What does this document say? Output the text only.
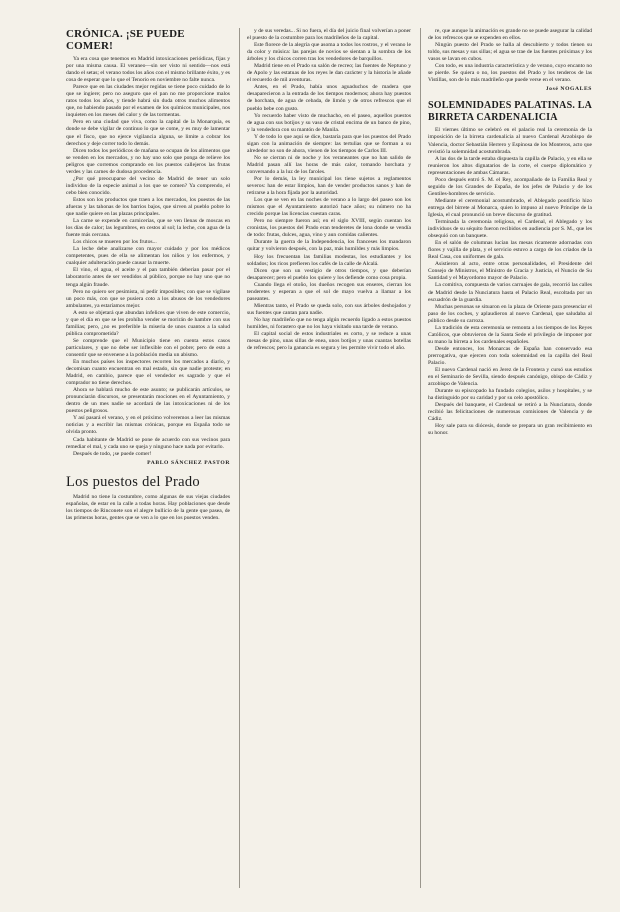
CRÓNICA. ¡SE PUEDE COMER!

Ya era cosa que tenemos en Madrid intoxicaciones periódicas, fijas y por una misma causa. El veraneo—sin ser visto ni sentido—nos está dando el setas; el verano todos los años con el mismo brillante éxito, y es cosa de esperar que lo que el Tenorio en noviembre no falte nunca.

Parece que en las ciudades mejor regidas se tiene poco cuidado de lo que se ingiere; pero no aseguro que el pan no me proporcione malos ratos todos los años, y tiende habrá sin duda otros muchos alimentos que, no habiendo pasado por el examen de los químicos municipales, nos inquieten en los meses del calor y de las tormentas.

Pero en una ciudad que viva, como la capital de la Monarquía, es donde se debe vigilar de continuo lo que se come, y es muy de lamentar que el fisco, que no ejerce vigilancia alguna, se limite a cobrar los derechos y deje correr todo lo demás.

Dicen todos los periódicos de mañana se ocupan de los alimentos que se venden en los mercados, y no hay uno solo que ponga de relieve los peligros que corremos comprando en los puestos callejeros las frutas verdes y las carnes de dudosa procedencia.

¿Por qué preocuparse del vecino de Madrid de tener un solo individuo de la especie animal a los que se comen? Ya comprendo, el cebo bien conocido.

Estos son los productos que traen a los mercados, los puestos de las afueras y las tahonas de los barrios bajos, que sirven al pueblo pobre lo que nadie quiere en las plazas principales.

La carne se expende en carnicerías, que se ven llenas de moscas en los días de calor; las legumbres, en cestos al sol; la leche, con agua de la fuente más cercana.

Los chicos se mueren por los frutos...

La leche debe analizarse con mayor cuidado y por los médicos competentes, pues de ella se alimentan los niños y los enfermos, y cualquier adulteración puede causar la muerte.

El vino, el agua, el aceite y el pan también deberían pasar por el laboratorio antes de ser vendidos al público, porque no hay uno que no tenga algún fraude.

Pero no quiero ser pesimista, ni pedir imposibles; con que se vigilase un poco más, con que se pusiera coto a los abusos de los vendedores ambulantes, ya estaríamos mejor.

A esto se objetará que abundan infelices que viven de este comercio, y que el día en que se les prohíba vender se morirán de hambre con sus familias; pero, ¿no es preferible la miseria de unos cuantos a la salud pública comprometida?

Se comprende que el Municipio tiene en cuenta estos casos particulares, y que no debe ser inflexible con el pobre; pero de esto a consentir que se envenene a la población media un abismo.

En muchos países los inspectores recorren los mercados a diario, y decomisan cuanto encuentran en mal estado, sin que nadie proteste; en Madrid, en cambio, parece que el vendedor es sagrado y que el comprador no tiene derechos.

Ahora se hablará mucho de este asunto; se publicarán artículos, se pronunciarán discursos, se presentarán mociones en el Ayuntamiento, y dentro de un mes nadie se acordará de las intoxicaciones ni de los puestos peligrosos.

Y así pasará el verano, y en el próximo volveremos a leer las mismas noticias y a escribir las mismas crónicas, porque en España todo se olvida pronto.

Cada habitante de Madrid se pone de acuerdo con sus vecinos para remediar el mal, y cada uno se queja y ninguno hace nada por evitarlo.

Después de todo, ¡se puede comer!

PABLO SÁNCHEZ PASTOR
Los puestos del Prado

Madrid no tiene la costumbre, como algunas de sus viejas ciudades españolas, de estar en la calle a todas horas. Hay poblaciones que desde los tiempos de Rinconete son el alegre bullicio de la gente que pasea, de las primeras horas, gentes que se ven a lo que en los puestos venden.

y de sus veredas... Si no fuera, el día del juicio final volverían a poner el puesto de la costumbre para los madrileños de la capital.

Este florece de la alegría que asoma a todos los rostros, y el verano le da color y música: las parejas de novios se sientan a la sombra de los árboles y los chicos corren tras los vendedores de barquillos.

Madrid tiene en el Prado su salón de recreo; las fuentes de Neptuno y de Apolo y las estatuas de los reyes le dan carácter y la historia le añade el recuerdo de mil aventuras.

Antes, en el Prado, había unos aguaduchos de madera que desaparecieron a la entrada de los tiempos modernos; ahora hay puestos de horchata, de agua de cebada, de limón y de otros refrescos que el pueblo bebe con gusto.

Yo recuerdo haber visto de muchacho, en el paseo, aquellos puestos de agua con sus botijos y su vaso de cristal encima de un banco de pino, y la vendedora con su mantón de Manila.

Y de todo lo que aquí se dice, bastaría para que los puestos del Prado sigan con la animación de siempre: las tertulias que se forman a su alrededor no son de ahora, vienen de los tiempos de Carlos III.

No se cierran ni de noche y los veraneantes que no han salido de Madrid pasan allí las horas de más calor, tomando horchata y conversando a la luz de los faroles.

Por lo demás, la ley municipal los tiene sujetos a reglamentos severos: han de estar limpios, han de vender productos sanos y han de retirarse a la hora fijada por la autoridad.

Los que se ven en las noches de verano a lo largo del paseo son los mismos que el Ayuntamiento autorizó hace años; su número no ha crecido porque las licencias cuestan caras.

Pero no siempre fueron así; en el siglo XVIII, según cuentan los cronistas, los puestos del Prado eran tenderetes de lona donde se vendía de todo: frutas, dulces, agua, vino y aun comidas calientes.

Durante la guerra de la Independencia, los franceses los mandaron quitar y volvieron después, con la paz, más humildes y más limpios.

Hoy los frecuentan las familias modestas, los estudiantes y los soldados; los ricos prefieren los cafés de la calle de Alcalá.

Dicen que son un vestigio de otros tiempos, y que deberían desaparecer; pero el pueblo los quiere y los defiende como cosa propia.

Cuando llega el otoño, los dueños recogen sus enseres, cierran los tenderetes y esperan a que el sol de mayo vuelva a llamar a los paseantes.

Mientras tanto, el Prado se queda solo, con sus árboles deshojados y sus fuentes que cantan para nadie.

No hay madrileño que no tenga algún recuerdo ligado a estos puestos humildes, ni forastero que no los haya visitado una tarde de verano.

El capital social de estos industriales es corto, y se reduce a unas mesas de pino, unas sillas de enea, unos botijos y unas cuantas botellas de refrescos; pero la ganancia es segura y les permite vivir todo el año.

re, que aunque la animación es grande no se puede asegurar la calidad de los refrescos que se expenden en ellos.

Ningún puesto del Prado se halla al descubierto y todos tienen su toldo, sus mesas y sus sillas; el agua se trae de las fuentes próximas y los vasos se lavan en cubos.

Con todo, es una industria característica y de verano, cuyo encanto no se pierde. Se quiera o no, los puestos del Prado y los tenderos de las Vistillas, son de lo más madrileño que puede verse en el verano.

José NOGALES
SOLEMNIDADES PALATINAS. LA BIRRETA CARDENALICIA

El viernes último se celebró en el palacio real la ceremonia de la imposición de la birreta cardenalicia al nuevo Cardenal Arzobispo de Valencia, doctor Sebastián Herrero y Espinosa de los Monteros, acto que revistió la solemnidad acostumbrada.

A las dos de la tarde estaba dispuesta la capilla de Palacio, y en ella se reunieron los altos dignatarios de la corte, el cuerpo diplomático y representaciones de ambas Cámaras.

Poco después entró S. M. el Rey, acompañado de la Familia Real y seguido de los Grandes de España, de los jefes de Palacio y de los Gentiles-hombres de servicio.

Mediante el ceremonial acostumbrado, el Ablegado pontificio hizo entrega del birrete al Monarca, quien lo impuso al nuevo Príncipe de la Iglesia, el cual pronunció un breve discurso de gratitud.

Terminada la ceremonia religiosa, el Cardenal, el Ablegado y los individuos de su séquito fueron recibidos en audiencia por S. M., que les obsequió con un banquete.

En el salón de columnas lucían las mesas ricamente adornadas con flores y vajilla de plata, y el servicio estuvo a cargo de los criados de la Real Casa, con uniformes de gala.

Asistieron al acto, entre otras personalidades, el Presidente del Consejo de Ministros, el Ministro de Gracia y Justicia, el Nuncio de Su Santidad y el Mayordomo mayor de Palacio.

La comitiva, compuesta de varios carruajes de gala, recorrió las calles de Madrid desde la Nunciatura hasta el Palacio Real, escoltada por un escuadrón de la guardia.

Muchas personas se situaron en la plaza de Oriente para presenciar el paso de los coches, y aplaudieron al nuevo Cardenal, que saludaba al público desde su carroza.

La tradición de esta ceremonia se remonta a los tiempos de los Reyes Católicos, que obtuvieron de la Santa Sede el privilegio de imponer por su mano la birreta a los cardenales españoles.

Desde entonces, los Monarcas de España han conservado esa prerrogativa, que ejercen con toda solemnidad en la capilla del Real Palacio.

El nuevo Cardenal nació en Jerez de la Frontera y cursó sus estudios en el Seminario de Sevilla, siendo después canónigo, obispo de Cádiz y arzobispo de Valencia.

Durante su episcopado ha fundado colegios, asilos y hospitales, y se ha distinguido por su caridad y por su celo apostólico.

Después del banquete, el Cardenal se retiró a la Nunciatura, donde recibió las felicitaciones de numerosas comisiones de Valencia y de Cádiz.

Hoy sale para su diócesis, donde se prepara un gran recibimiento en su honor.
